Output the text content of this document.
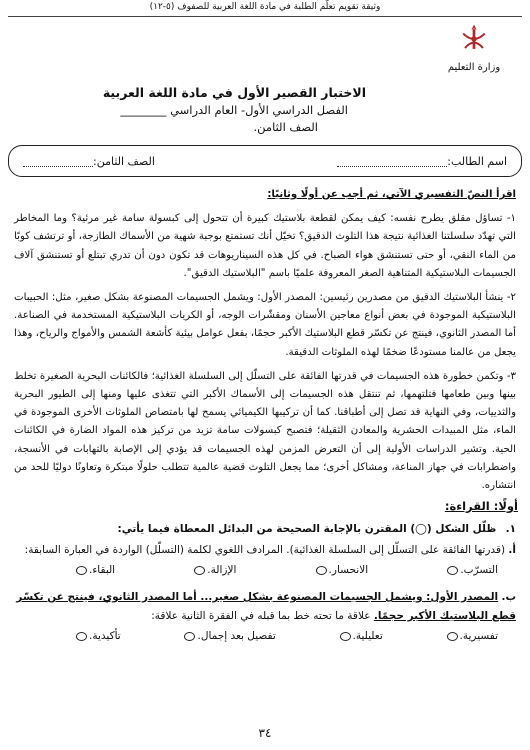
وثيقة تقويم تعلّم الطلبة في مادة اللغة العربية للصفوف (٥-١٢)
وزارة التعليم
الاختبار القصير الأول في مادة اللغة العربية
الفصل الدراسي الأول- العام الدراسي ________
الصف الثامن.
اسم الطالب:
الصف الثامن:

اقرأ النصّ التفسيري الآتي، ثم أجب عن أولًا وثانيًا:

١- تساؤل مقلق يطرح نفسه: كيف يمكن لقطعة بلاستيك كبيرة أن تتحول إلى كبسولة سامة غير مرئية؟ وما المخاطر التي تهدّد سلسلتنا الغذائية نتيجة هذا التلوث الدقيق؟ تخيّل أنك تستمتع بوجبة شهية من الأسماك الطازجة، أو ترتشف كوبًا من الماء النقي، أو حتى تستنشق هواء الصباح. في كل هذه السيناريوهات قد تكون دون أن تدري تبتلع أو تستنشق آلاف الجسيمات البلاستيكية المتناهية الصغر المعروفة علميًا باسم "البلاستيك الدقيق".

٢- ينشأ البلاستيك الدقيق من مصدرين رئيسين: المصدر الأول: ويشمل الجسيمات المصنوعة بشكل صغير، مثل: الحبيبات البلاستيكية الموجودة في بعض أنواع معاجين الأسنان ومقشّرات الوجه، أو الكريات البلاستيكية المستخدمة في الصناعة. أما المصدر الثانوي، فينتج عن تكسّر قطع البلاستيك الأكبر حجمًا، بفعل عوامل بيئية كأشعة الشمس والأمواج والرياح، وهذا يجعل من عالمنا مستودعًا ضخمًا لهذه الملوثات الدقيقة.

٣- وتكمن خطورة هذه الجسيمات في قدرتها الفائقة على التسلّل إلى السلسلة الغذائية؛ فالكائنات البحرية الصغيرة تخلط بينها وبين طعامها فتلتهمها، ثم تنتقل هذه الجسيمات إلى الأسماك الأكبر التي تتغذى عليها ومنها إلى الطيور البحرية والثدييات، وفي النهاية قد تصل إلى أطباقنا. كما أن تركيبها الكيميائي يسمح لها بامتصاص الملوثات الأخرى الموجودة في الماء، مثل المبيدات الحشرية والمعادن الثقيلة؛ فتصبح كبسولات سامة تزيد من تركيز هذه المواد الضارة في الكائنات الحية. وتشير الدراسات الأولية إلى أن التعرض المزمن لهذه الجسيمات قد يؤدي إلى الإصابة بالتهابات في الأنسجة، واضطرابات في جهاز المناعة، ومشاكل أخرى؛ مما يجعل التلوث قضية عالمية تتطلب حلولًا مبتكرة وتعاونًا دوليًا للحد من انتشاره.

أولًا: القراءة:
١. ظلّل الشكل (◯) المقترن بالإجابة الصحيحة من البدائل المعطاة فيما يأتي:
أ. (قدرتها الفائقة على التسلّل إلى السلسلة الغذائية). المرادف اللغوي لكلمة (التسلّل) الواردة في العبارة السابقة:
التسرّب.
الانحسار.
الإزالة.
البقاء.
ب. المصدر الأول: ويشمل الجسيمات المصنوعة بشكل صغير... أما المصدر الثانوي، فينتج عن تكسّر قطع البلاستيك الأكبر حجمًا. علاقة ما تحته خط بما قبله في الفقرة الثانية علاقة:
تفسيرية.
تعليلية.
تفصيل بعد إجمال.
تأكيدية.
٣٤
